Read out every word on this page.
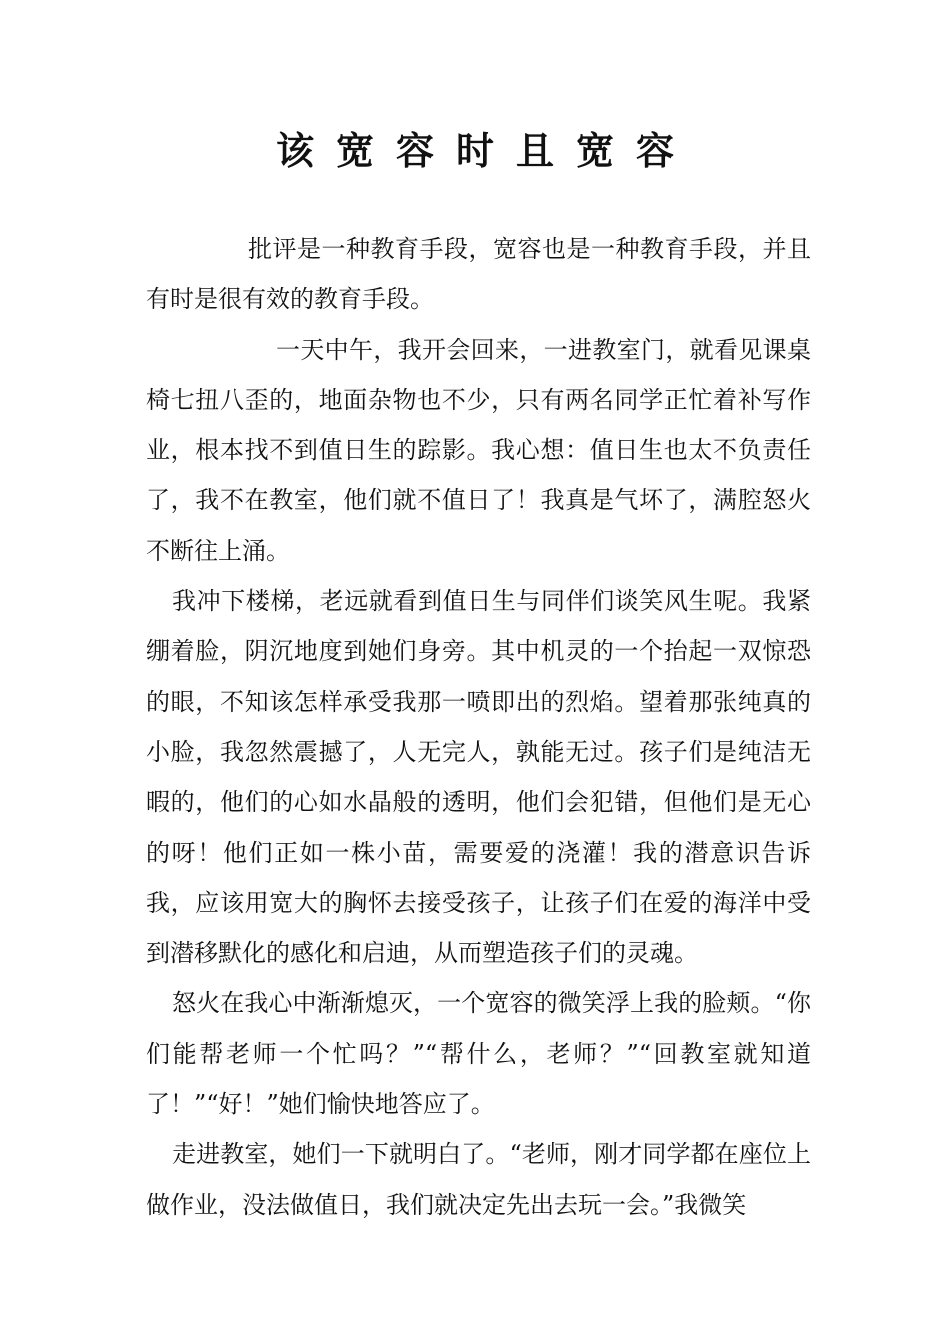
该宽容时且宽容

批评是一种教育手段，宽容也是一种教育手段，并且有时是很有效的教育手段。

一天中午，我开会回来，一进教室门，就看见课桌椅七扭八歪的，地面杂物也不少，只有两名同学正忙着补写作业，根本找不到值日生的踪影。我心想：值日生也太不负责任了，我不在教室，他们就不值日了！我真是气坏了，满腔怒火不断往上涌。

我冲下楼梯，老远就看到值日生与同伴们谈笑风生呢。我紧绷着脸，阴沉地度到她们身旁。其中机灵的一个抬起一双惊恐的眼，不知该怎样承受我那一喷即出的烈焰。望着那张纯真的小脸，我忽然震撼了，人无完人，孰能无过。孩子们是纯洁无暇的，他们的心如水晶般的透明，他们会犯错，但他们是无心的呀！他们正如一株小苗，需要爱的浇灌！我的潜意识告诉我，应该用宽大的胸怀去接受孩子，让孩子们在爱的海洋中受到潜移默化的感化和启迪，从而塑造孩子们的灵魂。

怒火在我心中渐渐熄灭，一个宽容的微笑浮上我的脸颊。“你们能帮老师一个忙吗？”“帮什么，老师？”“回教室就知道了！”“好！”她们愉快地答应了。

走进教室，她们一下就明白了。“老师，刚才同学都在座位上做作业，没法做值日，我们就决定先出去玩一会。”我微笑
